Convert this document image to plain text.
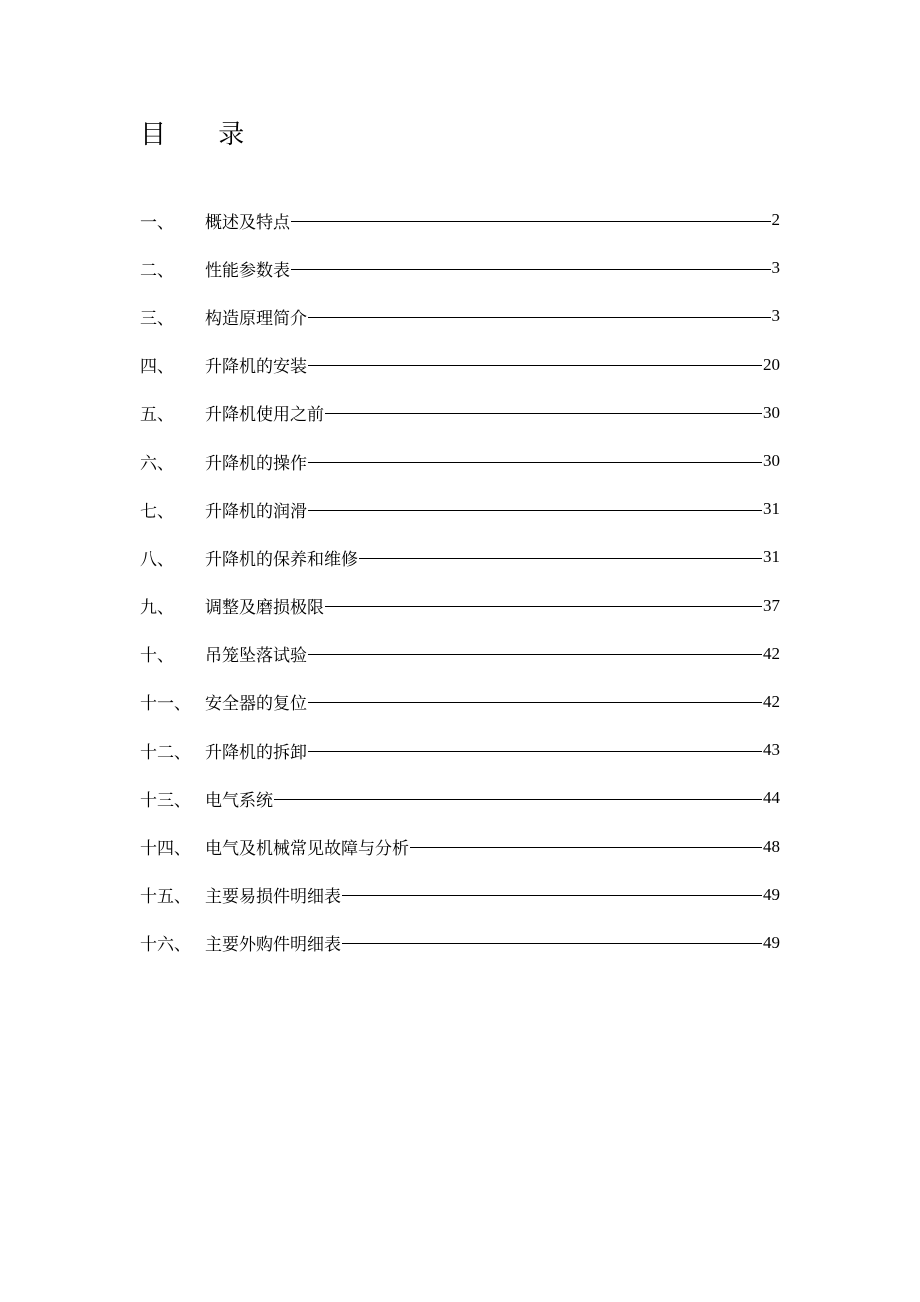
目 录
一、	概述及特点	2
二、	性能参数表	3
三、	构造原理简介	3
四、	升降机的安装	20
五、	升降机使用之前	30
六、	升降机的操作	30
七、	升降机的润滑	31
八、	升降机的保养和维修	31
九、	调整及磨损极限	37
十、	吊笼坠落试验	42
十一、 安全器的复位	42
十二、 升降机的拆卸	43
十三、 电气系统	44
十四、 电气及机械常见故障与分析	48
十五、 主要易损件明细表	49
十六、 主要外购件明细表	49
